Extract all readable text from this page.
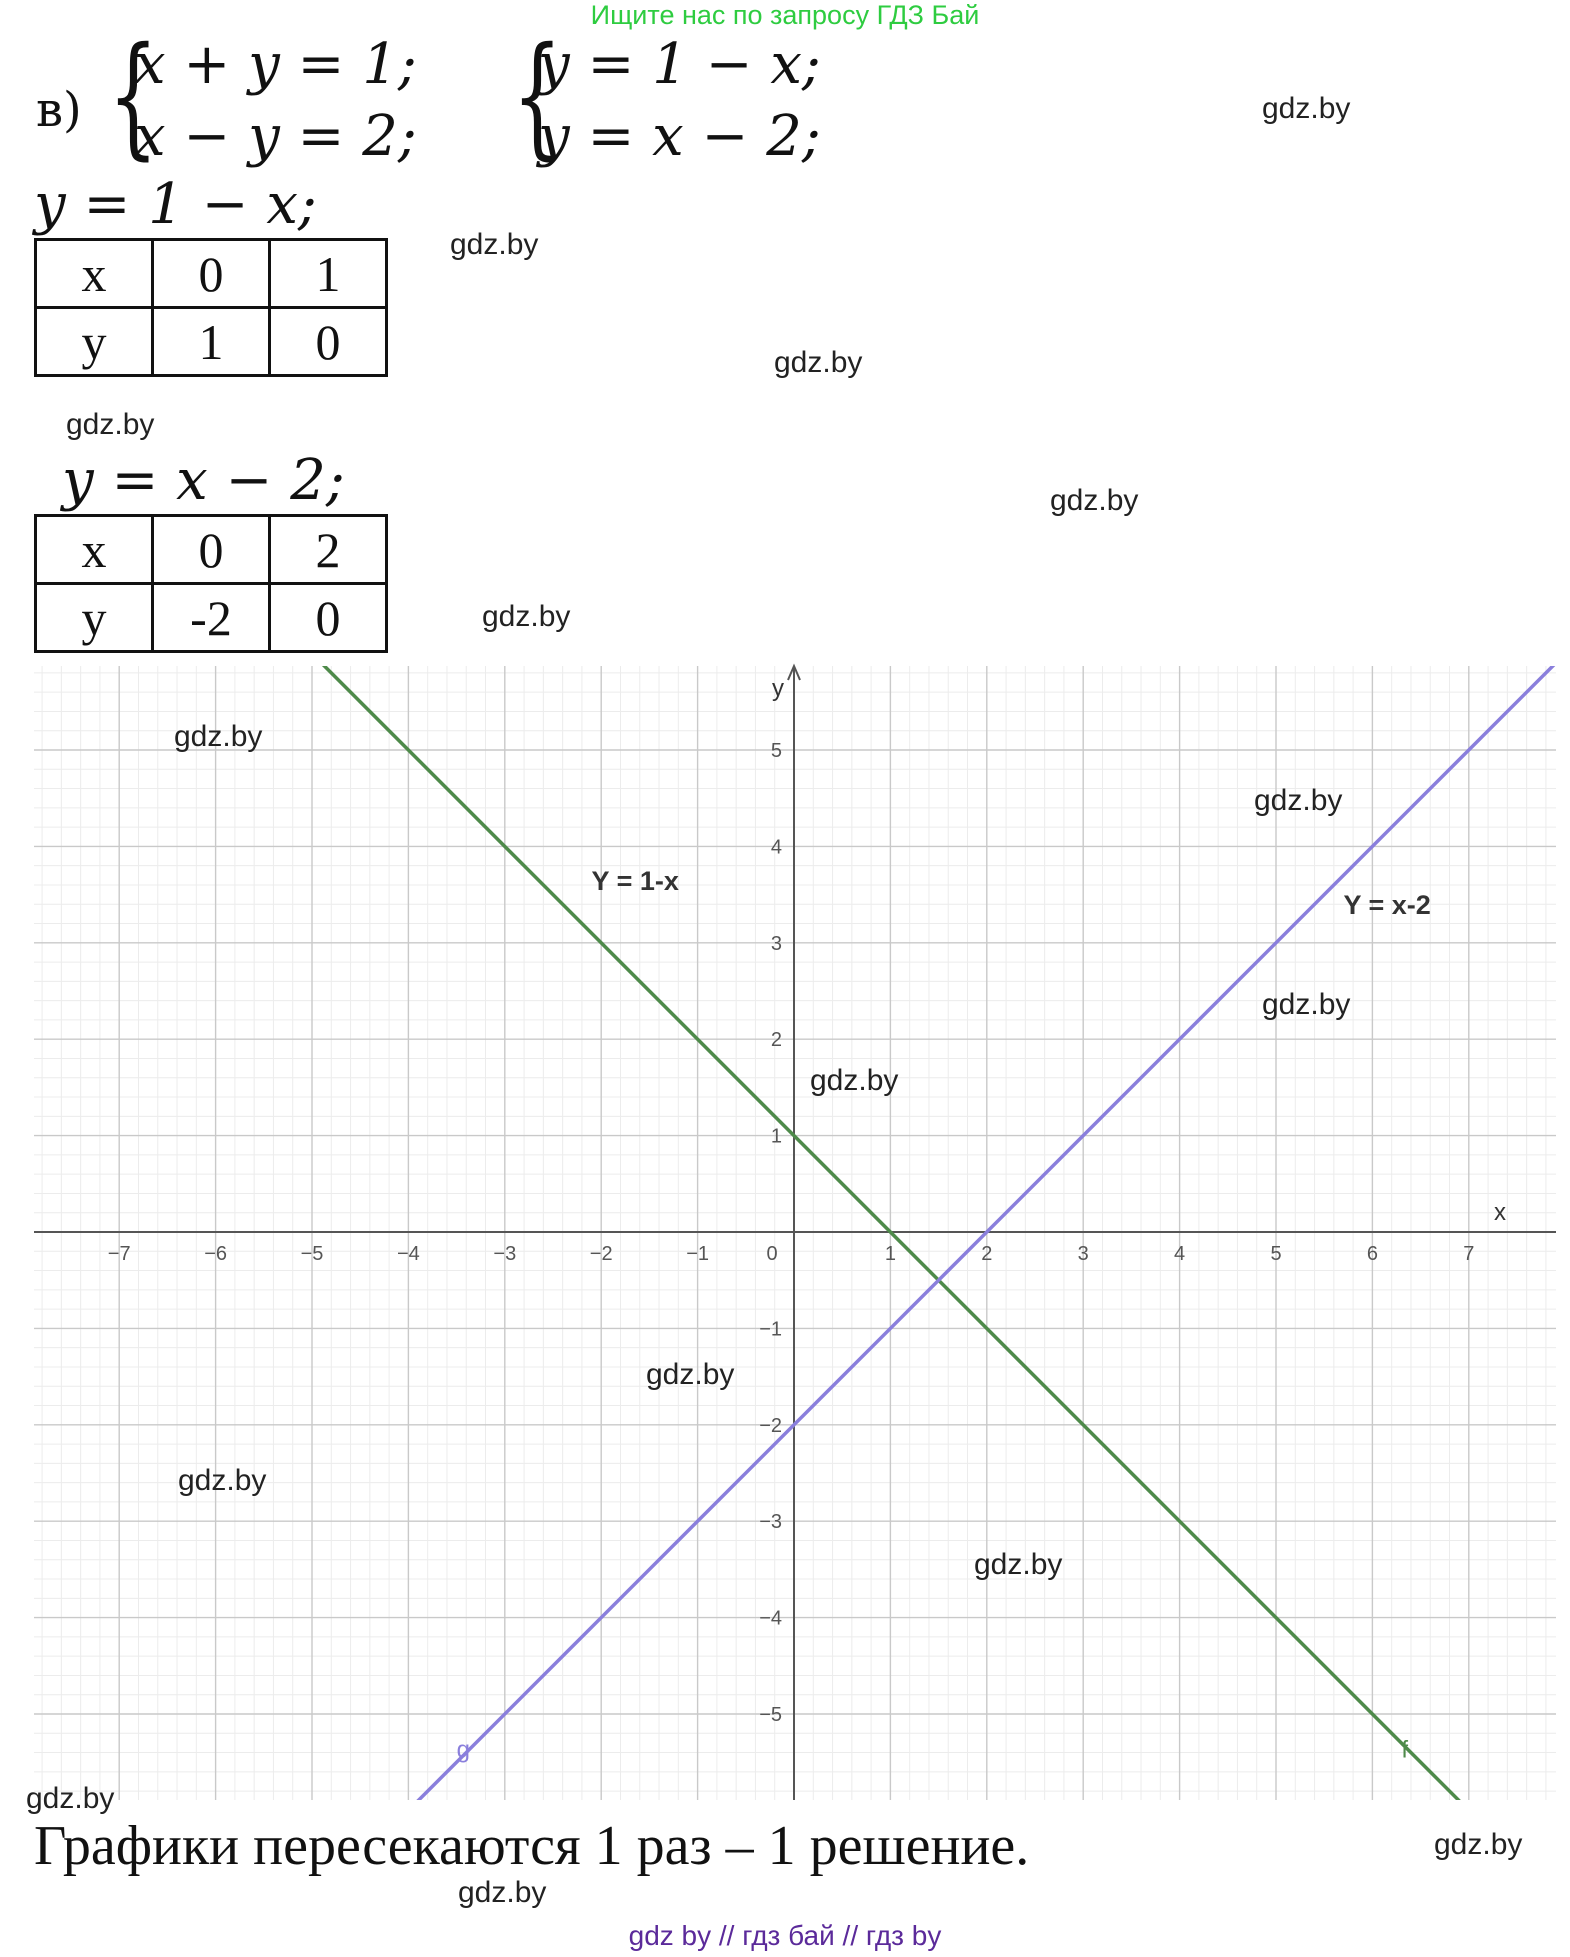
Ищите нас по запросу ГДЗ Бай
в) {
x + y = 1;
x − y = 2; {
y = 1 − x;
y = x − 2;
y = 1 − x;
x	0	1
y	1	0
y = x − 2;
x	0	2
y	-2	0
x
y
−7	−6	−5	−4	−3	−2	−1	0	1	2	3	4	5	6	7
−5
−4
−3
−2
−1
1
2
3
4
5
Y = 1-x
Y = x-2
f
g
gdz.by
gdz.by
gdz.by
gdz.by
gdz.by
gdz.by
gdz.by
gdz.by
gdz.by
gdz.by
gdz.by
gdz.by
gdz.by
gdz.by
gdz.by
gdz.by
Графики пересекаются 1 раз – 1 решение.
gdz by // гдз бай // гдз by
